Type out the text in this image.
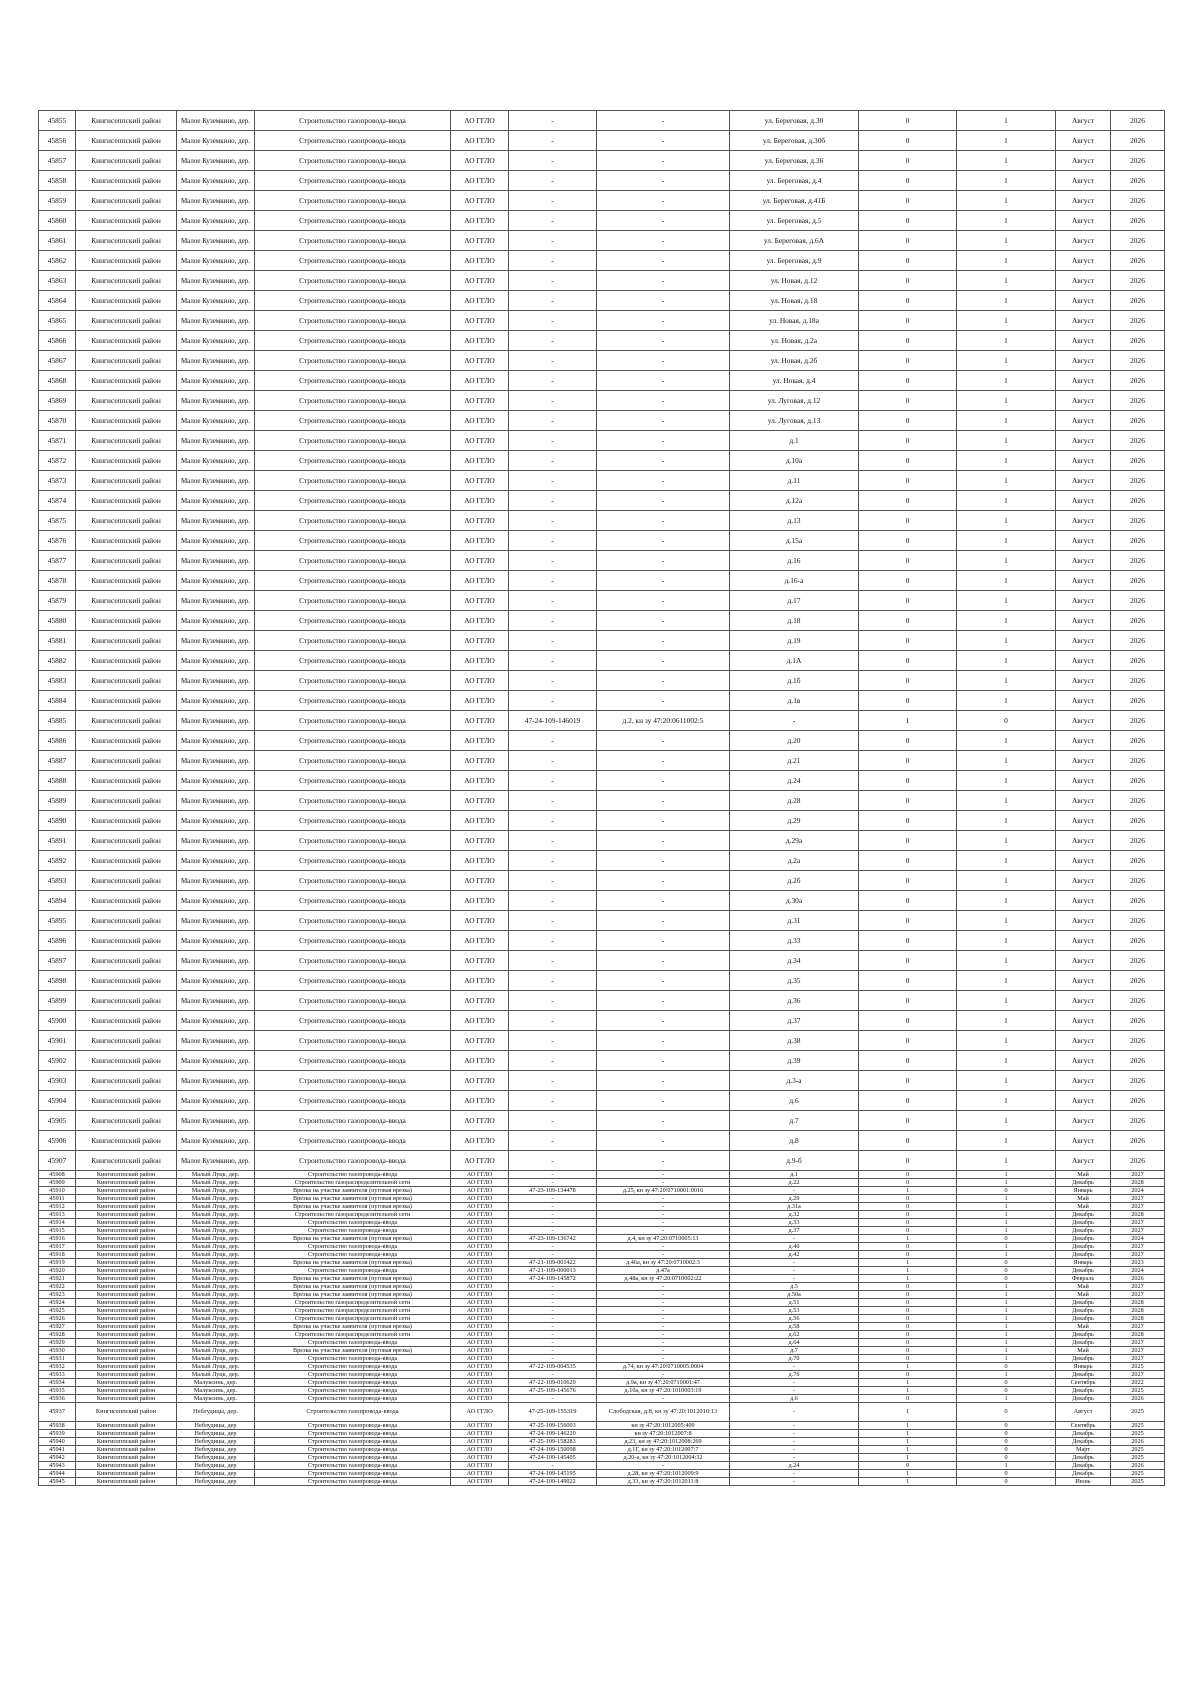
45855	Кингисеппский район	Малое Куземкино, дер.	Строительство газопровода-ввода	АО ГГЛО	-	-	ул. Береговая, д.30	0	1	Август	2026
45856	Кингисеппский район	Малое Куземкино, дер.	Строительство газопровода-ввода	АО ГГЛО	-	-	ул. Береговая, д.30б	0	1	Август	2026
45857	Кингисеппский район	Малое Куземкино, дер.	Строительство газопровода-ввода	АО ГГЛО	-	-	ул. Береговая, д.36	0	1	Август	2026
45858	Кингисеппский район	Малое Куземкино, дер.	Строительство газопровода-ввода	АО ГГЛО	-	-	ул. Береговая, д.4	0	1	Август	2026
45859	Кингисеппский район	Малое Куземкино, дер.	Строительство газопровода-ввода	АО ГГЛО	-	-	ул. Береговая, д.41Б	0	1	Август	2026
45860	Кингисеппский район	Малое Куземкино, дер.	Строительство газопровода-ввода	АО ГГЛО	-	-	ул. Береговая, д.5	0	1	Август	2026
45861	Кингисеппский район	Малое Куземкино, дер.	Строительство газопровода-ввода	АО ГГЛО	-	-	ул. Береговая, д.6А	0	1	Август	2026
45862	Кингисеппский район	Малое Куземкино, дер.	Строительство газопровода-ввода	АО ГГЛО	-	-	ул. Береговая, д.9	0	1	Август	2026
45863	Кингисеппский район	Малое Куземкино, дер.	Строительство газопровода-ввода	АО ГГЛО	-	-	ул. Новая, д.12	0	1	Август	2026
45864	Кингисеппский район	Малое Куземкино, дер.	Строительство газопровода-ввода	АО ГГЛО	-	-	ул. Новая, д.18	0	1	Август	2026
45865	Кингисеппский район	Малое Куземкино, дер.	Строительство газопровода-ввода	АО ГГЛО	-	-	ул. Новая, д.18а	0	1	Август	2026
45866	Кингисеппский район	Малое Куземкино, дер.	Строительство газопровода-ввода	АО ГГЛО	-	-	ул. Новая, д.2а	0	1	Август	2026
45867	Кингисеппский район	Малое Куземкино, дер.	Строительство газопровода-ввода	АО ГГЛО	-	-	ул. Новая, д.2б	0	1	Август	2026
45868	Кингисеппский район	Малое Куземкино, дер.	Строительство газопровода-ввода	АО ГГЛО	-	-	ул. Новая, д.4	0	1	Август	2026
45869	Кингисеппский район	Малое Куземкино, дер.	Строительство газопровода-ввода	АО ГГЛО	-	-	ул. Луговая, д.12	0	1	Август	2026
45870	Кингисеппский район	Малое Куземкино, дер.	Строительство газопровода-ввода	АО ГГЛО	-	-	ул. Луговая, д.13	0	1	Август	2026
45871	Кингисеппский район	Малое Куземкино, дер.	Строительство газопровода-ввода	АО ГГЛО	-	-	д.1	0	1	Август	2026
45872	Кингисеппский район	Малое Куземкино, дер.	Строительство газопровода-ввода	АО ГГЛО	-	-	д.10а	0	1	Август	2026
45873	Кингисеппский район	Малое Куземкино, дер.	Строительство газопровода-ввода	АО ГГЛО	-	-	д.11	0	1	Август	2026
45874	Кингисеппский район	Малое Куземкино, дер.	Строительство газопровода-ввода	АО ГГЛО	-	-	д.12а	0	1	Август	2026
45875	Кингисеппский район	Малое Куземкино, дер.	Строительство газопровода-ввода	АО ГГЛО	-	-	д.13	0	1	Август	2026
45876	Кингисеппский район	Малое Куземкино, дер.	Строительство газопровода-ввода	АО ГГЛО	-	-	д.15а	0	1	Август	2026
45877	Кингисеппский район	Малое Куземкино, дер.	Строительство газопровода-ввода	АО ГГЛО	-	-	д.16	0	1	Август	2026
45878	Кингисеппский район	Малое Куземкино, дер.	Строительство газопровода-ввода	АО ГГЛО	-	-	д.16-а	0	1	Август	2026
45879	Кингисеппский район	Малое Куземкино, дер.	Строительство газопровода-ввода	АО ГГЛО	-	-	д.17	0	1	Август	2026
45880	Кингисеппский район	Малое Куземкино, дер.	Строительство газопровода-ввода	АО ГГЛО	-	-	д.18	0	1	Август	2026
45881	Кингисеппский район	Малое Куземкино, дер.	Строительство газопровода-ввода	АО ГГЛО	-	-	д.19	0	1	Август	2026
45882	Кингисеппский район	Малое Куземкино, дер.	Строительство газопровода-ввода	АО ГГЛО	-	-	д.1А	0	1	Август	2026
45883	Кингисеппский район	Малое Куземкино, дер.	Строительство газопровода-ввода	АО ГГЛО	-	-	д.1б	0	1	Август	2026
45884	Кингисеппский район	Малое Куземкино, дер.	Строительство газопровода-ввода	АО ГГЛО	-	-	д.1в	0	1	Август	2026
45885	Кингисеппский район	Малое Куземкино, дер.	Строительство газопровода-ввода	АО ГГЛО	47-24-109-146019	д.2, кн зу 47:20:0611002:5	-	1	0	Август	2026
45886	Кингисеппский район	Малое Куземкино, дер.	Строительство газопровода-ввода	АО ГГЛО	-	-	д.20	0	1	Август	2026
45887	Кингисеппский район	Малое Куземкино, дер.	Строительство газопровода-ввода	АО ГГЛО	-	-	д.21	0	1	Август	2026
45888	Кингисеппский район	Малое Куземкино, дер.	Строительство газопровода-ввода	АО ГГЛО	-	-	д.24	0	1	Август	2026
45889	Кингисеппский район	Малое Куземкино, дер.	Строительство газопровода-ввода	АО ГГЛО	-	-	д.28	0	1	Август	2026
45890	Кингисеппский район	Малое Куземкино, дер.	Строительство газопровода-ввода	АО ГГЛО	-	-	д.29	0	1	Август	2026
45891	Кингисеппский район	Малое Куземкино, дер.	Строительство газопровода-ввода	АО ГГЛО	-	-	д.29а	0	1	Август	2026
45892	Кингисеппский район	Малое Куземкино, дер.	Строительство газопровода-ввода	АО ГГЛО	-	-	д.2а	0	1	Август	2026
45893	Кингисеппский район	Малое Куземкино, дер.	Строительство газопровода-ввода	АО ГГЛО	-	-	д.2б	0	1	Август	2026
45894	Кингисеппский район	Малое Куземкино, дер.	Строительство газопровода-ввода	АО ГГЛО	-	-	д.30а	0	1	Август	2026
45895	Кингисеппский район	Малое Куземкино, дер.	Строительство газопровода-ввода	АО ГГЛО	-	-	д.31	0	1	Август	2026
45896	Кингисеппский район	Малое Куземкино, дер.	Строительство газопровода-ввода	АО ГГЛО	-	-	д.33	0	1	Август	2026
45897	Кингисеппский район	Малое Куземкино, дер.	Строительство газопровода-ввода	АО ГГЛО	-	-	д.34	0	1	Август	2026
45898	Кингисеппский район	Малое Куземкино, дер.	Строительство газопровода-ввода	АО ГГЛО	-	-	д.35	0	1	Август	2026
45899	Кингисеппский район	Малое Куземкино, дер.	Строительство газопровода-ввода	АО ГГЛО	-	-	д.36	0	1	Август	2026
45900	Кингисеппский район	Малое Куземкино, дер.	Строительство газопровода-ввода	АО ГГЛО	-	-	д.37	0	1	Август	2026
45901	Кингисеппский район	Малое Куземкино, дер.	Строительство газопровода-ввода	АО ГГЛО	-	-	д.38	0	1	Август	2026
45902	Кингисеппский район	Малое Куземкино, дер.	Строительство газопровода-ввода	АО ГГЛО	-	-	д.39	0	1	Август	2026
45903	Кингисеппский район	Малое Куземкино, дер.	Строительство газопровода-ввода	АО ГГЛО	-	-	д.3-а	0	1	Август	2026
45904	Кингисеппский район	Малое Куземкино, дер.	Строительство газопровода-ввода	АО ГГЛО	-	-	д.6	0	1	Август	2026
45905	Кингисеппский район	Малое Куземкино, дер.	Строительство газопровода-ввода	АО ГГЛО	-	-	д.7	0	1	Август	2026
45906	Кингисеппский район	Малое Куземкино, дер.	Строительство газопровода-ввода	АО ГГЛО	-	-	д.8	0	1	Август	2026
45907	Кингисеппский район	Малое Куземкино, дер.	Строительство газопровода-ввода	АО ГГЛО	-	-	д.9-б	0	1	Август	2026
45908	Кингисеппский район	Малый Луцк, дер.	Строительство газопровода-ввода	АО ГГЛО	-	-	д.1	0	1	Май	2027
45909	Кингисеппский район	Малый Луцк, дер.	Строительство газораспределительной сети	АО ГГЛО	-	-	д.22	0	1	Декабрь	2028
45910	Кингисеппский район	Малый Луцк, дер.	Врезка на участке заявителя (пуговая врезка)	АО ГГЛО	47-23-109-134478	д.25, кн зу 47:20:0710001:0016	-	1	0	Январь	2024
45911	Кингисеппский район	Малый Луцк, дер.	Врезка на участке заявителя (пуговая врезка)	АО ГГЛО	-	-	д.29	0	1	Май	2027
45912	Кингисеппский район	Малый Луцк, дер.	Врезка на участке заявителя (пуговая врезка)	АО ГГЛО	-	-	д.31а	0	1	Май	2027
45913	Кингисеппский район	Малый Луцк, дер.	Строительство газораспределительной сети	АО ГГЛО	-	-	д.32	0	1	Декабрь	2028
45914	Кингисеппский район	Малый Луцк, дер.	Строительство газопровода-ввода	АО ГГЛО	-	-	д.33	0	1	Декабрь	2027
45915	Кингисеппский район	Малый Луцк, дер.	Строительство газопровода-ввода	АО ГГЛО	-	-	д.37	0	1	Декабрь	2027
45916	Кингисеппский район	Малый Луцк, дер.	Врезка на участке заявителя (пуговая врезка)	АО ГГЛО	47-23-109-136742	д.4, кн зу 47:20:0710005:13	-	1	0	Декабрь	2024
45917	Кингисеппский район	Малый Луцк, дер.	Строительство газопровода-ввода	АО ГГЛО	-	-	д.40	0	1	Декабрь	2027
45918	Кингисеппский район	Малый Луцк, дер.	Строительство газопровода-ввода	АО ГГЛО	-	-	д.42	0	1	Декабрь	2027
45919	Кингисеппский район	Малый Луцк, дер.	Врезка на участке заявителя (пуговая врезка)	АО ГГЛО	47-21-109-001422	д.46а, кн зу 47:20:0710002:3	-	1	0	Январь	2023
45920	Кингисеппский район	Малый Луцк, дер.	Строительство газопровода-ввода	АО ГГЛО	47-21-109-000013	д.47а	-	1	0	Декабрь	2024
45921	Кингисеппский район	Малый Луцк, дер.	Врезка на участке заявителя (пуговая врезка)	АО ГГЛО	47-24-109-145872	д.48а, кн зу 47:20:0710002:22	-	1	0	Февраль	2026
45922	Кингисеппский район	Малый Луцк, дер.	Врезка на участке заявителя (пуговая врезка)	АО ГГЛО	-	-	д.5	0	1	Май	2027
45923	Кингисеппский район	Малый Луцк, дер.	Врезка на участке заявителя (пуговая врезка)	АО ГГЛО	-	-	д.50а	0	1	Май	2027
45924	Кингисеппский район	Малый Луцк, дер.	Строительство газораспределительной сети	АО ГГЛО	-	-	д.51	0	1	Декабрь	2028
45925	Кингисеппский район	Малый Луцк, дер.	Строительство газораспределительной сети	АО ГГЛО	-	-	д.53	0	1	Декабрь	2028
45926	Кингисеппский район	Малый Луцк, дер.	Строительство газораспределительной сети	АО ГГЛО	-	-	д.56	0	1	Декабрь	2028
45927	Кингисеппский район	Малый Луцк, дер.	Врезка на участке заявителя (пуговая врезка)	АО ГГЛО	-	-	д.58	0	1	Май	2027
45928	Кингисеппский район	Малый Луцк, дер.	Строительство газораспределительной сети	АО ГГЛО	-	-	д.62	0	1	Декабрь	2028
45929	Кингисеппский район	Малый Луцк, дер.	Строительство газопровода-ввода	АО ГГЛО	-	-	д.64	0	1	Декабрь	2027
45930	Кингисеппский район	Малый Луцк, дер.	Врезка на участке заявителя (пуговая врезка)	АО ГГЛО	-	-	д.7	0	1	Май	2027
45931	Кингисеппский район	Малый Луцк, дер.	Строительство газопровода-ввода	АО ГГЛО	-	-	д.70	0	1	Декабрь	2027
45932	Кингисеппский район	Малый Луцк, дер.	Строительство газопровода-ввода	АО ГГЛО	47-22-109-004535	д.74, кн зу 47:20:0710005:0004	-	1	0	Январь	2025
45933	Кингисеппский район	Малый Луцк, дер.	Строительство газопровода-ввода	АО ГГЛО	-	-	д.76	0	1	Декабрь	2027
45934	Кингисеппский район	Малуксинь, дер.	Строительство газопровода-ввода	АО ГГЛО	47-22-109-010629	д.9а, кн зу 47:20:0710001:47	-	1	0	Сентябрь	2022
45935	Кингисеппский район	Малуксинь, дер.	Строительство газопровода-ввода	АО ГГЛО	47-25-109-145676	д.10а, кн зу 47:20:1010003:19	-	1	0	Декабрь	2025
45936	Кингисеппский район	Малуксинь, дер.	Строительство газопровода-ввода	АО ГГЛО	-	-	д.6	0	1	Декабрь	2026
45937	Кингисеппский район	Неблудицы, дер.	Строительство газопровода-ввода	АО ГГЛО	47-25-109-155319	Слободская, д.8, кн зу 47:20:1012010:13	-	1	0	Август	2025
45938	Кингисеппский район	Неблудицы, дер	Строительство газопровода-ввода	АО ГГЛО	47-25-109-156003	кн зу 47:20:1012005:409	-	1	0	Сентябрь	2025
45939	Кингисеппский район	Неблудицы, дер	Строительство газопровода-ввода	АО ГГЛО	47-24-109-146220	кн зу 47:20:1012007:8	-	1	0	Декабрь	2025
45940	Кингисеппский район	Неблудицы, дер	Строительство газопровода-ввода	АО ГГЛО	47-25-109-158283	д.23, кн зу 47:20:1012008:269	-	1	0	Декабрь	2026
45941	Кингисеппский район	Неблудицы, дер	Строительство газопровода-ввода	АО ГГЛО	47-24-109-150098	д.1Г, кн зу 47:20:1012007:7	-	1	0	Март	2025
45942	Кингисеппский район	Неблудицы, дер	Строительство газопровода-ввода	АО ГГЛО	47-24-109-145405	д.20-а, кн зу 47:20:1012004:32	-	1	0	Декабрь	2025
45943	Кингисеппский район	Неблудицы, дер	Строительство газопровода-ввода	АО ГГЛО	-	-	д.24	0	1	Декабрь	2026
45944	Кингисеппский район	Неблудицы, дер	Строительство газопровода-ввода	АО ГГЛО	47-24-109-145195	д.28, кн зу 47:20:1012009:9	-	1	0	Декабрь	2025
45945	Кингисеппский район	Неблудицы, дер	Строительство газопровода-ввода	АО ГГЛО	47-24-109-149022	д.33, кн зу 47:20:1012011:8	-	1	0	Июнь	2025
